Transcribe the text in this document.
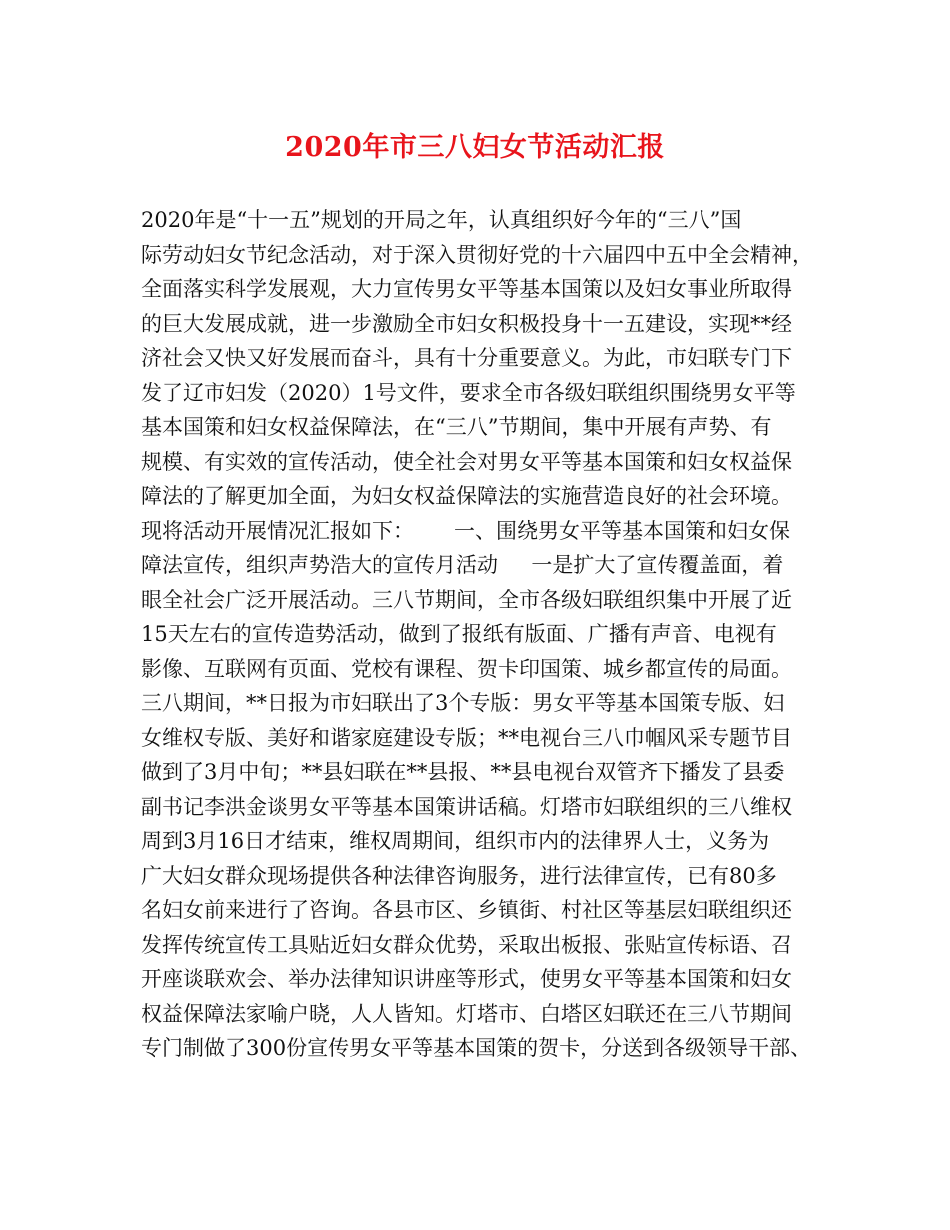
2020年市三八妇女节活动汇报
2020年是“十一五”规划的开局之年，认真组织好今年的“三八”国
际劳动妇女节纪念活动，对于深入贯彻好党的十六届四中五中全会精神，
全面落实科学发展观，大力宣传男女平等基本国策以及妇女事业所取得
的巨大发展成就，进一步激励全市妇女积极投身十一五建设，实现**经
济社会又快又好发展而奋斗，具有十分重要意义。为此，市妇联专门下
发了辽市妇发（2020）1号文件，要求全市各级妇联组织围绕男女平等
基本国策和妇女权益保障法，在“三八”节期间，集中开展有声势、有
规模、有实效的宣传活动，使全社会对男女平等基本国策和妇女权益保
障法的了解更加全面，为妇女权益保障法的实施营造良好的社会环境。
现将活动开展情况汇报如下：      一、围绕男女平等基本国策和妇女保
障法宣传，组织声势浩大的宣传月活动     一是扩大了宣传覆盖面，着
眼全社会广泛开展活动。三八节期间，全市各级妇联组织集中开展了近
15天左右的宣传造势活动，做到了报纸有版面、广播有声音、电视有
影像、互联网有页面、党校有课程、贺卡印国策、城乡都宣传的局面。
三八期间，**日报为市妇联出了3个专版：男女平等基本国策专版、妇
女维权专版、美好和谐家庭建设专版；**电视台三八巾帼风采专题节目
做到了3月中旬；**县妇联在**县报、**县电视台双管齐下播发了县委
副书记李洪金谈男女平等基本国策讲话稿。灯塔市妇联组织的三八维权
周到3月16日才结束，维权周期间，组织市内的法律界人士，义务为
广大妇女群众现场提供各种法律咨询服务，进行法律宣传，已有80多
名妇女前来进行了咨询。各县市区、乡镇街、村社区等基层妇联组织还
发挥传统宣传工具贴近妇女群众优势，采取出板报、张贴宣传标语、召
开座谈联欢会、举办法律知识讲座等形式，使男女平等基本国策和妇女
权益保障法家喻户晓，人人皆知。灯塔市、白塔区妇联还在三八节期间
专门制做了300份宣传男女平等基本国策的贺卡，分送到各级领导干部、
